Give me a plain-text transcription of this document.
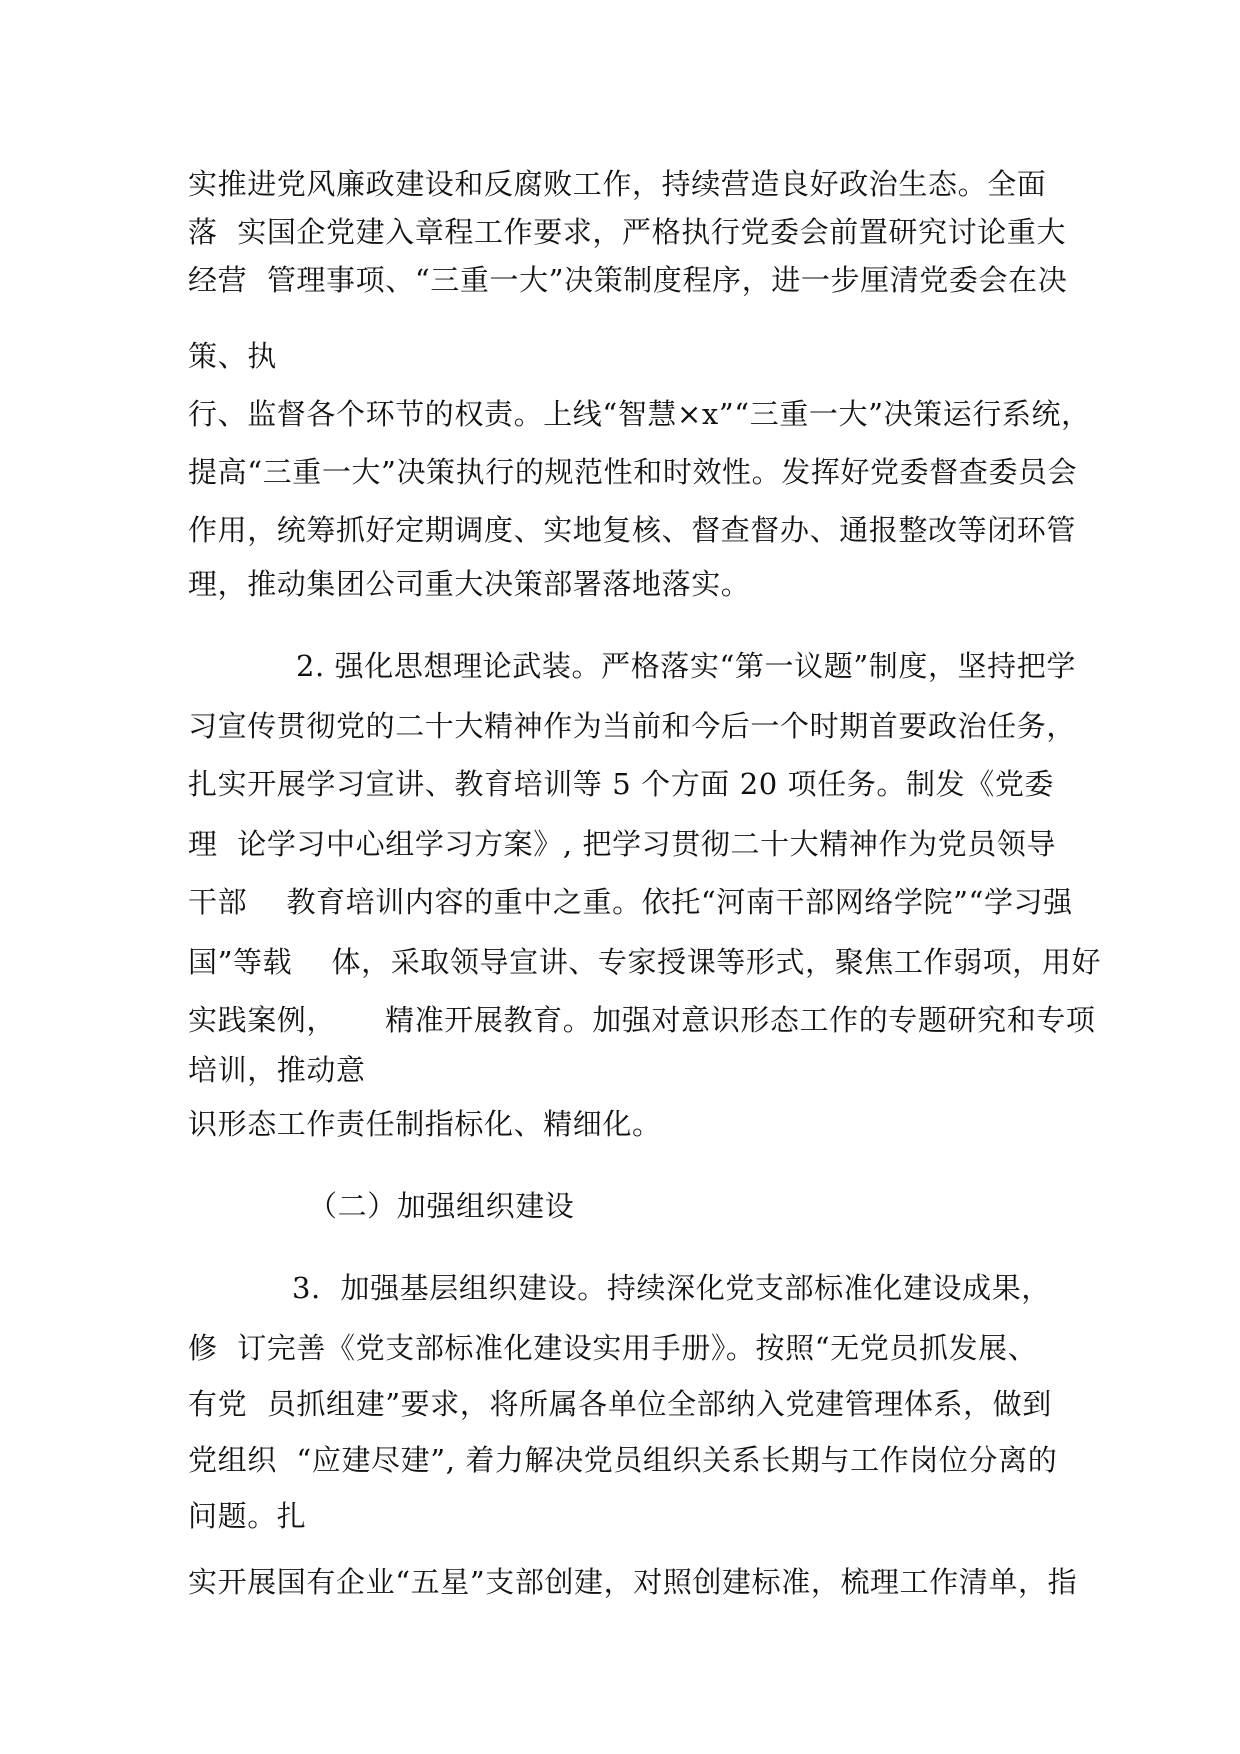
实推进党风廉政建设和反腐败工作，持续营造良好政治生态。全面
落  实国企党建入章程工作要求，严格执行党委会前置研究讨论重大
经营  管理事项、“三重一大”决策制度程序，进一步厘清党委会在决
策、执
行、监督各个环节的权责。上线“智慧×x”“三重一大”决策运行系统，
提高“三重一大”决策执行的规范性和时效性。发挥好党委督查委员会
作用，统筹抓好定期调度、实地复核、督查督办、通报整改等闭环管
理，推动集团公司重大决策部署落地落实。
2. 强化思想理论武装。严格落实“第一议题”制度，坚持把学
习宣传贯彻党的二十大精神作为当前和今后一个时期首要政治任务，
扎实开展学习宣讲、教育培训等 5 个方面 20 项任务。制发《党委
理  论学习中心组学习方案》, 把学习贯彻二十大精神作为党员领导
干部    教育培训内容的重中之重。依托“河南干部网络学院”“学习强
国”等载    体，采取领导宣讲、专家授课等形式，聚焦工作弱项，用好
实践案例，     精准开展教育。加强对意识形态工作的专题研究和专项
培训，推动意
识形态工作责任制指标化、精细化。
（二）加强组织建设
3.  加强基层组织建设。持续深化党支部标准化建设成果，
修  订完善《党支部标准化建设实用手册》。按照“无党员抓发展、
有党  员抓组建”要求，将所属各单位全部纳入党建管理体系，做到
党组织  “应建尽建”, 着力解决党员组织关系长期与工作岗位分离的
问题。扎
实开展国有企业“五星”支部创建，对照创建标准，梳理工作清单，指
